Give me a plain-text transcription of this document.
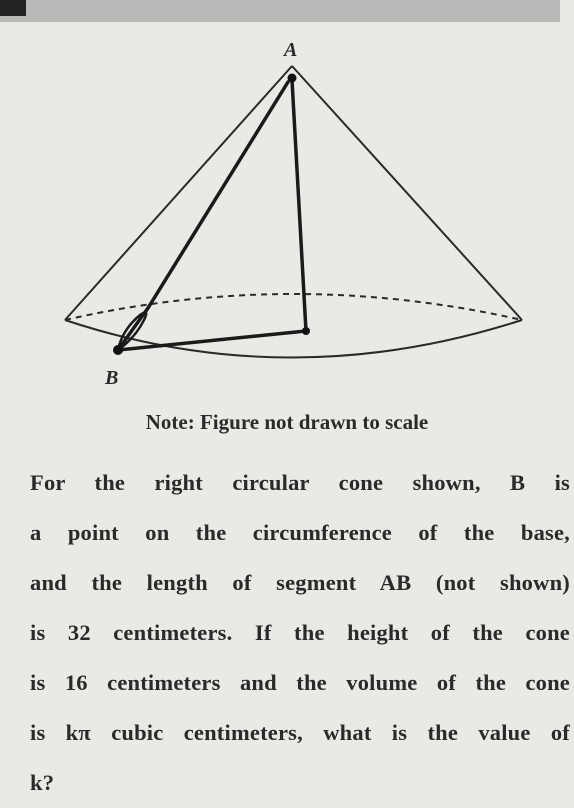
A
B
Note: Figure not drawn to scale
For the right circular cone shown, B is
a point on the circumference of the base,
and the length of segment AB (not shown)
is 32 centimeters. If the height of the cone
is 16 centimeters and the volume of the cone
is kπ cubic centimeters, what is the value of
k?
